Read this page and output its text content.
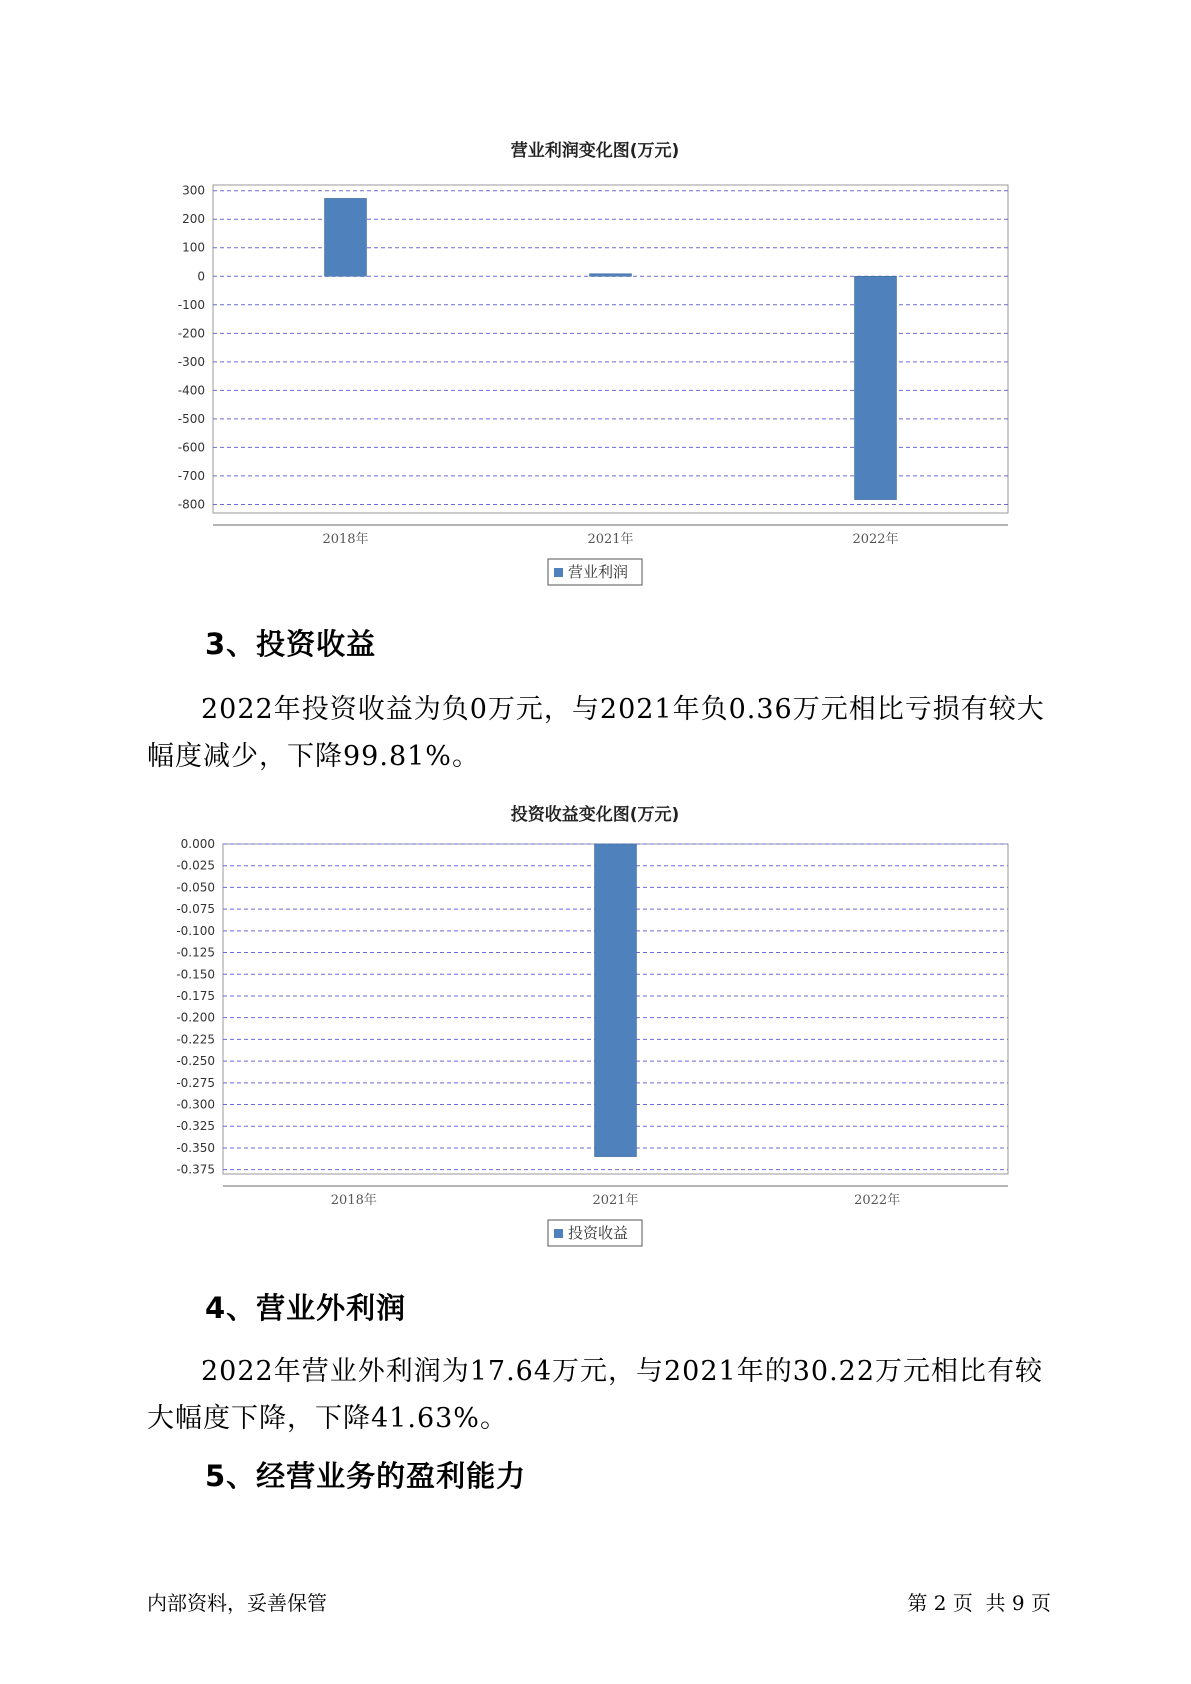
营业利润变化图(万元)
300
200
100
0
-100
-200
-300
-400
-500
-600
-700
-800
2018年	2021年	2022年
营业利润
3、投资收益

2022年投资收益为负0万元，与2021年负0.36万元相比亏损有较大幅度减少，下降99.81%。

投资收益变化图(万元)
0.000
-0.025
-0.050
-0.075
-0.100
-0.125
-0.150
-0.175
-0.200
-0.225
-0.250
-0.275
-0.300
-0.325
-0.350
-0.375
2018年	2021年	2022年
投资收益
4、营业外利润

2022年营业外利润为17.64万元，与2021年的30.22万元相比有较大幅度下降，下降41.63%。

5、经营业务的盈利能力
内部资料，妥善保管	第 2 页  共 9 页
